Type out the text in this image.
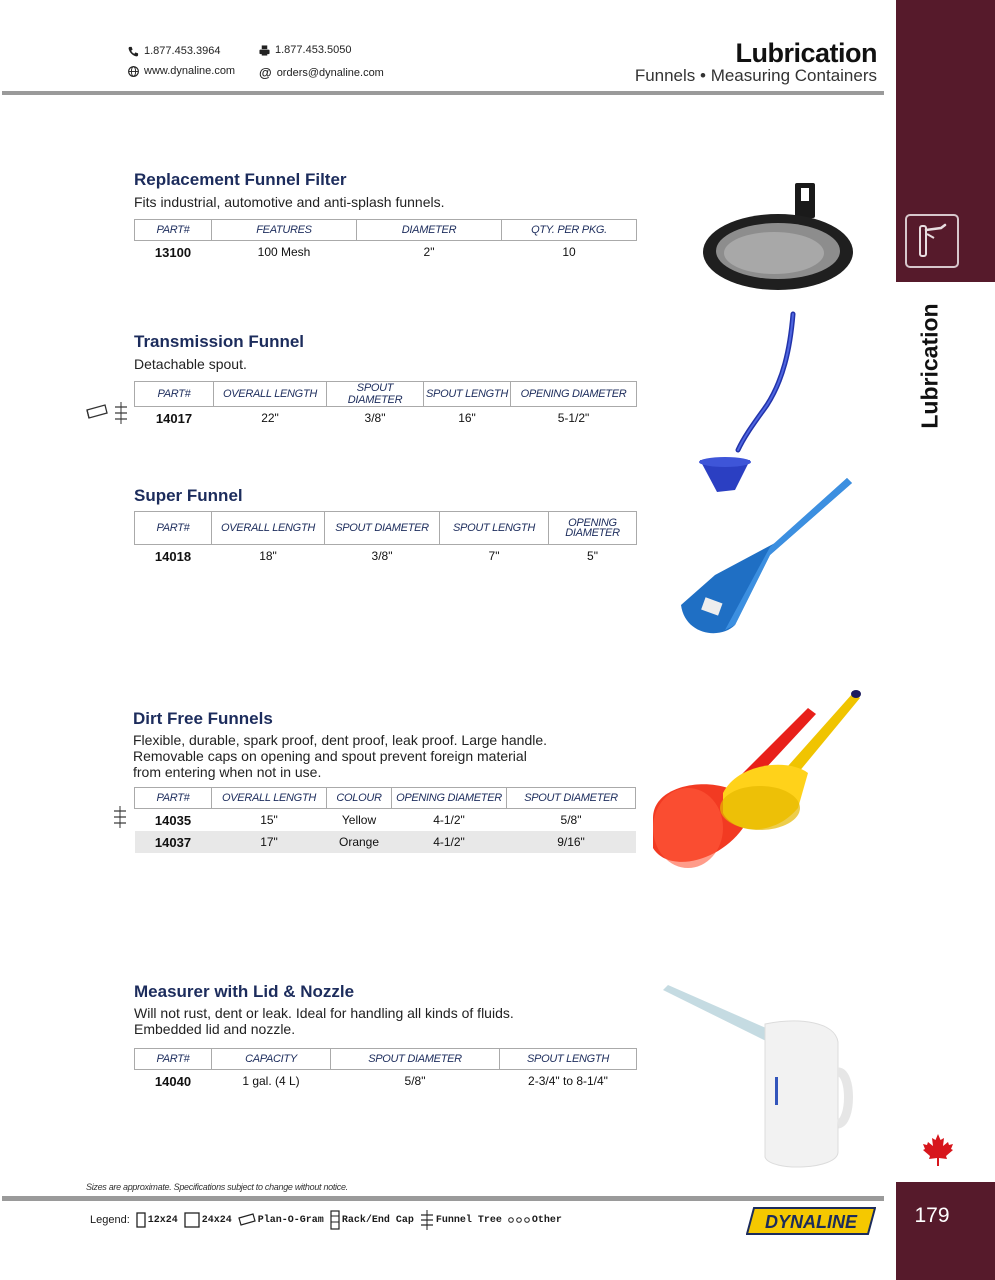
1.877.453.3964	1.877.453.5050
www.dynaline.com @ orders@dynaline.com
Lubrication
Funnels • Measuring Containers
Lubrication
179
Replacement Funnel Filter
Fits industrial, automotive and anti-splash funnels.
PART#	FEATURES	DIAMETER	QTY. PER PKG.
13100	100 Mesh	2"	10
Transmission Funnel
Detachable spout.
PART#	OVERALL LENGTH	SPOUT DIAMETER	SPOUT LENGTH	OPENING DIAMETER
14017	22"	3/8"	16"	5-1/2"
Super Funnel
PART#	OVERALL LENGTH	SPOUT DIAMETER	SPOUT LENGTH	OPENING DIAMETER
14018	18"	3/8"	7"	5"
Dirt Free Funnels
Flexible, durable, spark proof, dent proof, leak proof. Large handle.
Removable caps on opening and spout prevent foreign material
from entering when not in use.
PART#	OVERALL LENGTH	COLOUR	OPENING DIAMETER	SPOUT DIAMETER
14035	15"	Yellow	4-1/2"	5/8"
14037	17"	Orange	4-1/2"	9/16"
Measurer with Lid & Nozzle
Will not rust, dent or leak. Ideal for handling all kinds of fluids.
Embedded lid and nozzle.
PART#	CAPACITY	SPOUT DIAMETER	SPOUT LENGTH
14040	1 gal. (4 L)	5/8"	2-3/4" to 8-1/4"
Sizes are approximate. Specifications subject to change without notice.
Legend: 12x24 24x24	Plan-O-Gram Rack/End Cap Funnel Tree	Other	DYNALINE
